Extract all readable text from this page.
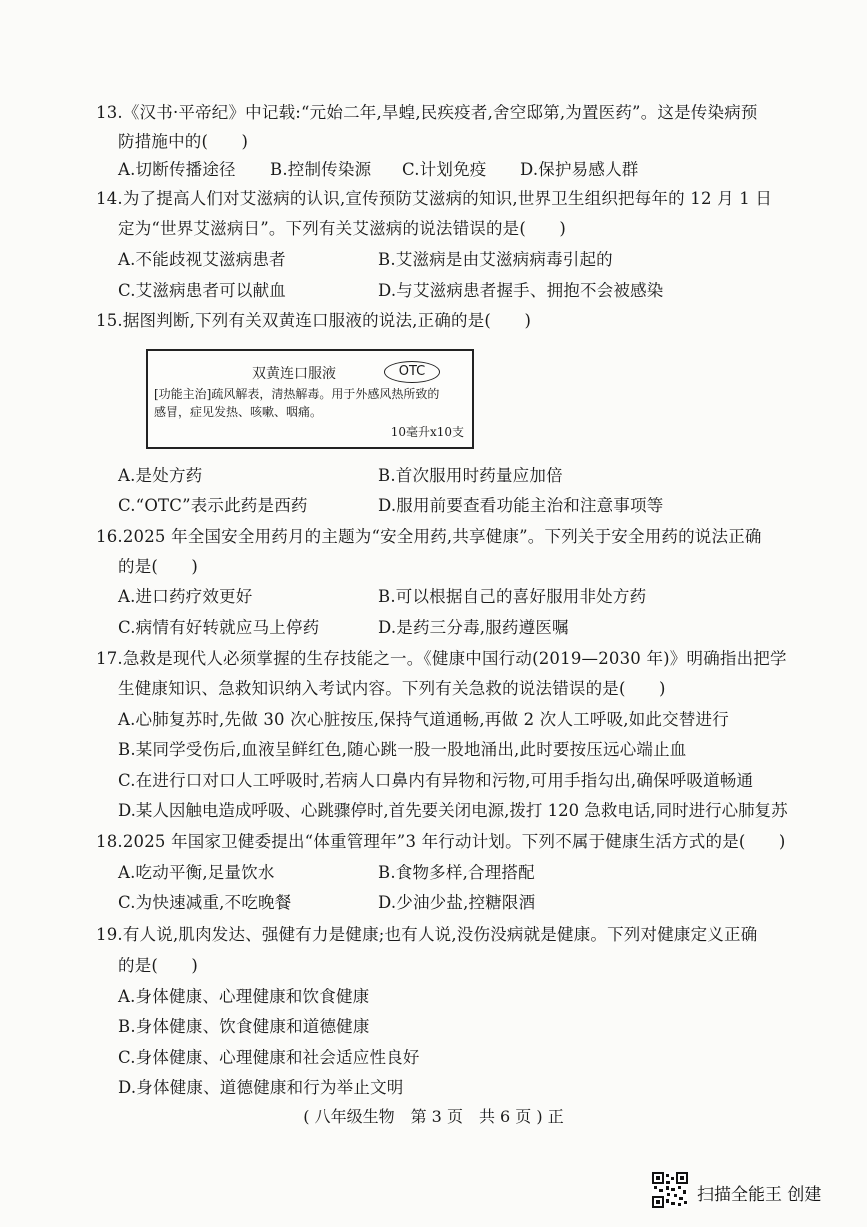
13.《汉书·平帝纪》中记载:“元始二年,旱蝗,民疾疫者,舍空邸第,为置医药”。这是传染病预
防措施中的(　　)
A.切断传播途径 B.控制传染源 C.计划免疫 D.保护易感人群
14.为了提高人们对艾滋病的认识,宣传预防艾滋病的知识,世界卫生组织把每年的 12 月 1 日
定为“世界艾滋病日”。下列有关艾滋病的说法错误的是(　　)
A.不能歧视艾滋病患者	B.艾滋病是由艾滋病病毒引起的
C.艾滋病患者可以献血	D.与艾滋病患者握手、拥抱不会被感染
15.据图判断,下列有关双黄连口服液的说法,正确的是(　　)
双黄连口服液	OTC
[功能主治]疏风解表，清热解毒。用于外感风热所致的
感冒，症见发热、咳嗽、咽痛。
10毫升x10支
A.是处方药	B.首次服用时药量应加倍
C.“OTC”表示此药是西药	D.服用前要查看功能主治和注意事项等
16.2025 年全国安全用药月的主题为“安全用药,共享健康”。下列关于安全用药的说法正确
的是(　　)
A.进口药疗效更好	B.可以根据自己的喜好服用非处方药
C.病情有好转就应马上停药	D.是药三分毒,服药遵医嘱
17.急救是现代人必须掌握的生存技能之一。《健康中国行动(2019—2030 年)》明确指出把学
生健康知识、急救知识纳入考试内容。下列有关急救的说法错误的是(　　)
A.心肺复苏时,先做 30 次心脏按压,保持气道通畅,再做 2 次人工呼吸,如此交替进行
B.某同学受伤后,血液呈鲜红色,随心跳一股一股地涌出,此时要按压远心端止血
C.在进行口对口人工呼吸时,若病人口鼻内有异物和污物,可用手指勾出,确保呼吸道畅通
D.某人因触电造成呼吸、心跳骤停时,首先要关闭电源,拨打 120 急救电话,同时进行心肺复苏
18.2025 年国家卫健委提出“体重管理年”3 年行动计划。下列不属于健康生活方式的是(　　)
A.吃动平衡,足量饮水	B.食物多样,合理搭配
C.为快速减重,不吃晚餐	D.少油少盐,控糖限酒
19.有人说,肌肉发达、强健有力是健康;也有人说,没伤没病就是健康。下列对健康定义正确
的是(　　)
A.身体健康、心理健康和饮食健康
B.身体健康、饮食健康和道德健康
C.身体健康、心理健康和社会适应性良好
D.身体健康、道德健康和行为举止文明
( 八年级生物　第 3 页　共 6 页 ) 正
扫描全能王 创建
